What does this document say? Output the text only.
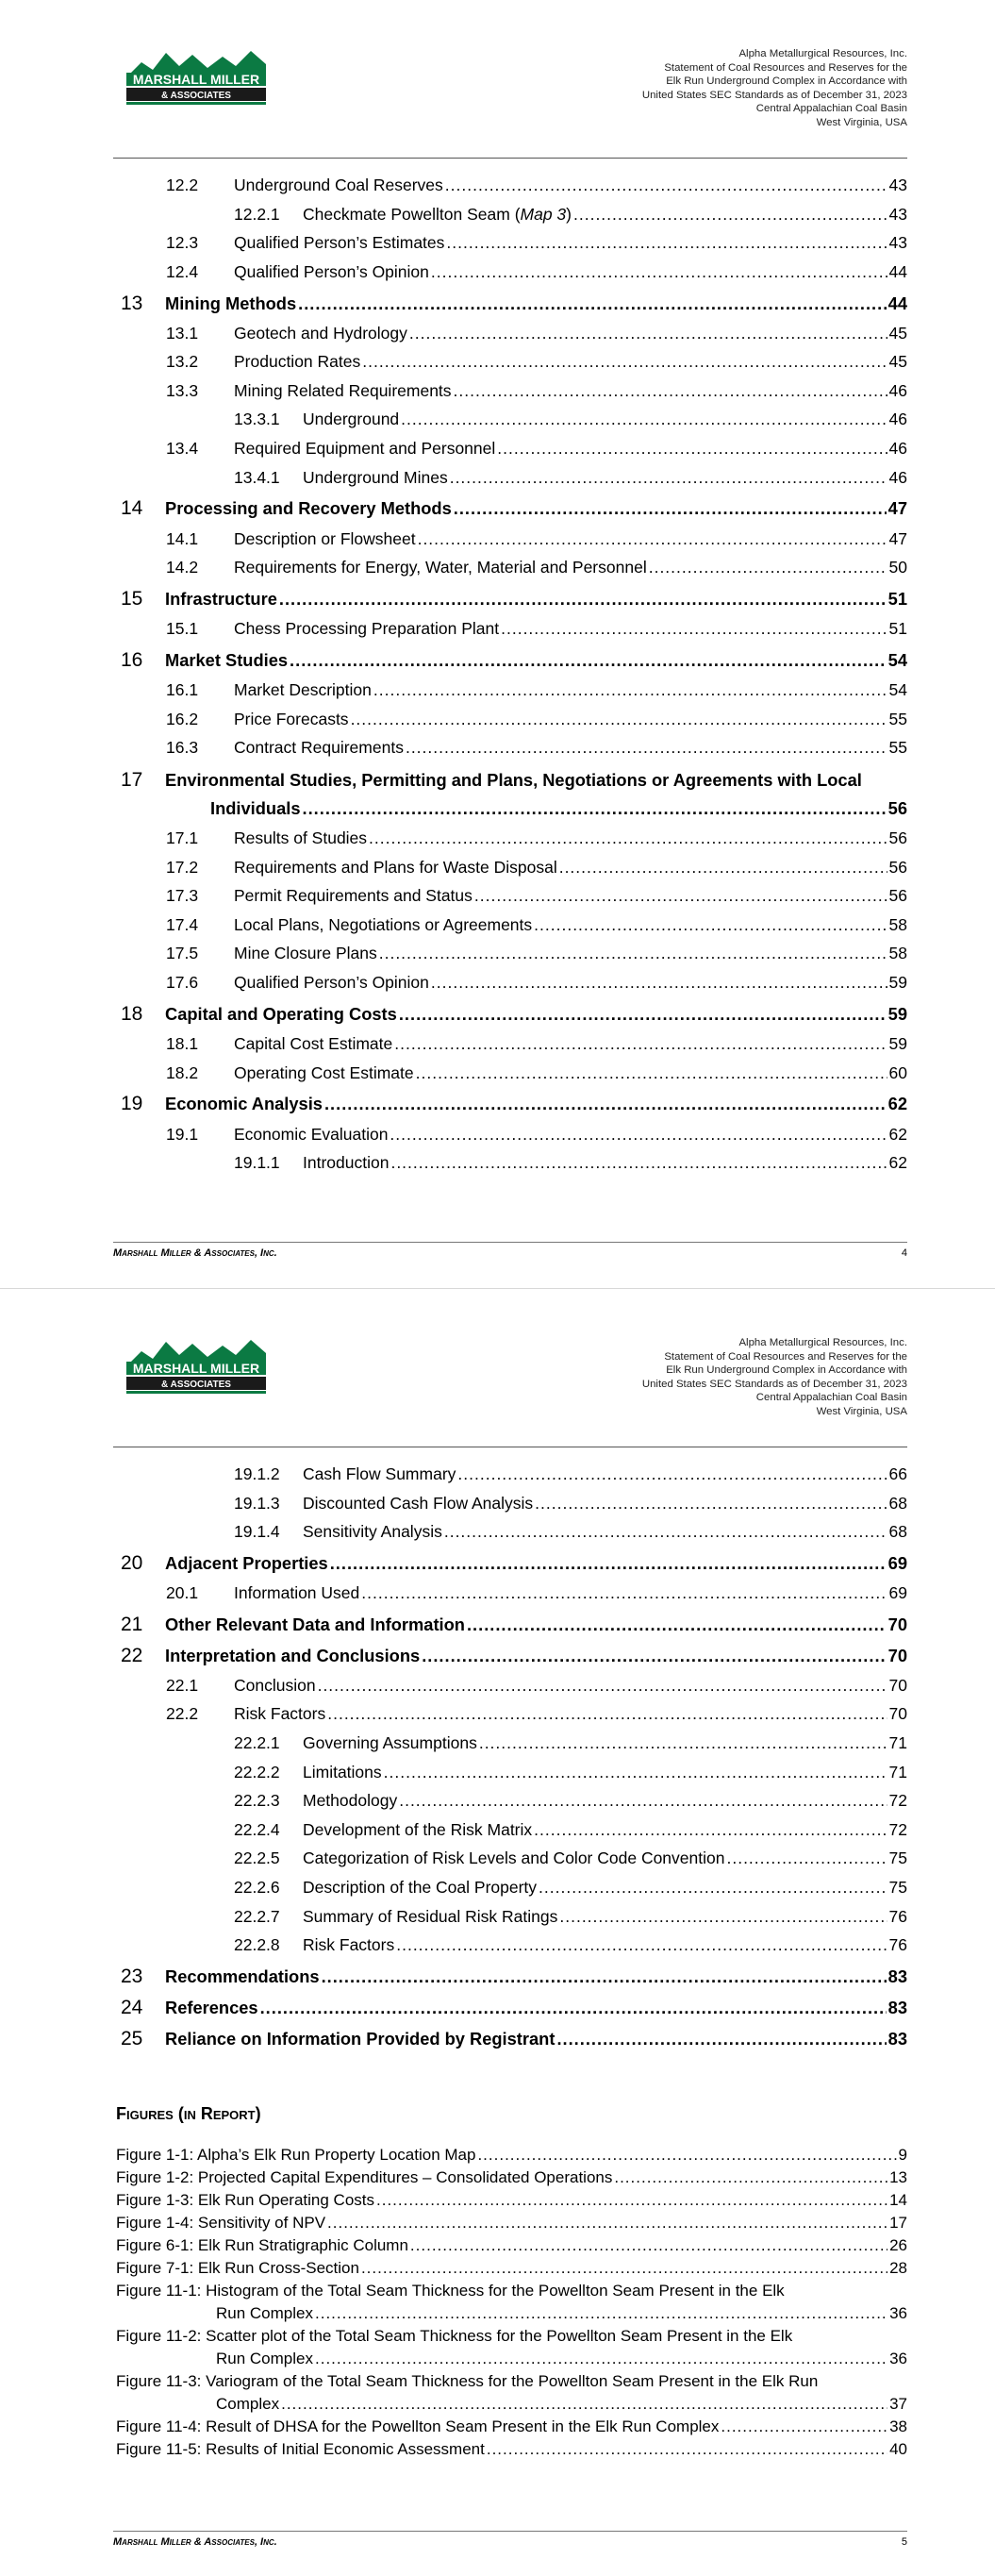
MARSHALL MILLER
& ASSOCIATES
Alpha Metallurgical Resources, Inc.
Statement of Coal Resources and Reserves for the
Elk Run Underground Complex in Accordance with
United States SEC Standards as of December 31, 2023
Central Appalachian Coal Basin
West Virginia, USA
12.2 Underground Coal Reserves .....	43
12.2.1 Checkmate Powellton Seam (Map 3) .....	43
12.3 Qualified Person’s Estimates .....	43
12.4 Qualified Person’s Opinion .....	44
13 Mining Methods .....	44
13.1 Geotech and Hydrology .....	45
13.2 Production Rates .....	45
13.3 Mining Related Requirements .....	46
13.3.1 Underground .....	46
13.4 Required Equipment and Personnel .....	46
13.4.1 Underground Mines .....	46
14 Processing and Recovery Methods .....	47
14.1 Description or Flowsheet .....	47
14.2 Requirements for Energy, Water, Material and Personnel .....	50
15 Infrastructure .....	51
15.1 Chess Processing Preparation Plant .....	51
16 Market Studies .....	54
16.1 Market Description .....	54
16.2 Price Forecasts .....	55
16.3 Contract Requirements .....	55
17 Environmental Studies, Permitting and Plans, Negotiations or Agreements with Local
Individuals .....	56
17.1 Results of Studies .....	56
17.2 Requirements and Plans for Waste Disposal .....	56
17.3 Permit Requirements and Status .....	56
17.4 Local Plans, Negotiations or Agreements .....	58
17.5 Mine Closure Plans .....	58
17.6 Qualified Person’s Opinion .....	59
18 Capital and Operating Costs .....	59
18.1 Capital Cost Estimate .....	59
18.2 Operating Cost Estimate .....	60
19 Economic Analysis .....	62
19.1 Economic Evaluation .....	62
19.1.1 Introduction .....	62
Marshall Miller & Associates, Inc.	4
MARSHALL MILLER
& ASSOCIATES
Alpha Metallurgical Resources, Inc.
Statement of Coal Resources and Reserves for the
Elk Run Underground Complex in Accordance with
United States SEC Standards as of December 31, 2023
Central Appalachian Coal Basin
West Virginia, USA
19.1.2 Cash Flow Summary .....	66
19.1.3 Discounted Cash Flow Analysis .....	68
19.1.4 Sensitivity Analysis .....	68
20 Adjacent Properties .....	69
20.1 Information Used .....	69
21 Other Relevant Data and Information .....	70
22 Interpretation and Conclusions .....	70
22.1 Conclusion .....	70
22.2 Risk Factors .....	70
22.2.1 Governing Assumptions .....	71
22.2.2 Limitations .....	71
22.2.3 Methodology .....	72
22.2.4 Development of the Risk Matrix .....	72
22.2.5 Categorization of Risk Levels and Color Code Convention .....	75
22.2.6 Description of the Coal Property .....	75
22.2.7 Summary of Residual Risk Ratings .....	76
22.2.8 Risk Factors .....	76
23 Recommendations .....	83
24 References .....	83
25 Reliance on Information Provided by Registrant .....	83
Figures (in Report)
Figure 1-1: Alpha’s Elk Run Property Location Map .....	9
Figure 1-2: Projected Capital Expenditures – Consolidated Operations .....	13
Figure 1-3: Elk Run Operating Costs .....	14
Figure 1-4: Sensitivity of NPV .....	17
Figure 6-1: Elk Run Stratigraphic Column .....	26
Figure 7-1: Elk Run Cross-Section .....	28
Figure 11-1: Histogram of the Total Seam Thickness for the Powellton Seam Present in the Elk
Run Complex .....	36
Figure 11-2: Scatter plot of the Total Seam Thickness for the Powellton Seam Present in the Elk
Run Complex .....	36
Figure 11-3: Variogram of the Total Seam Thickness for the Powellton Seam Present in the Elk Run
Complex .....	37
Figure 11-4: Result of DHSA for the Powellton Seam Present in the Elk Run Complex .....	38
Figure 11-5: Results of Initial Economic Assessment .....	40
Marshall Miller & Associates, Inc.	5
